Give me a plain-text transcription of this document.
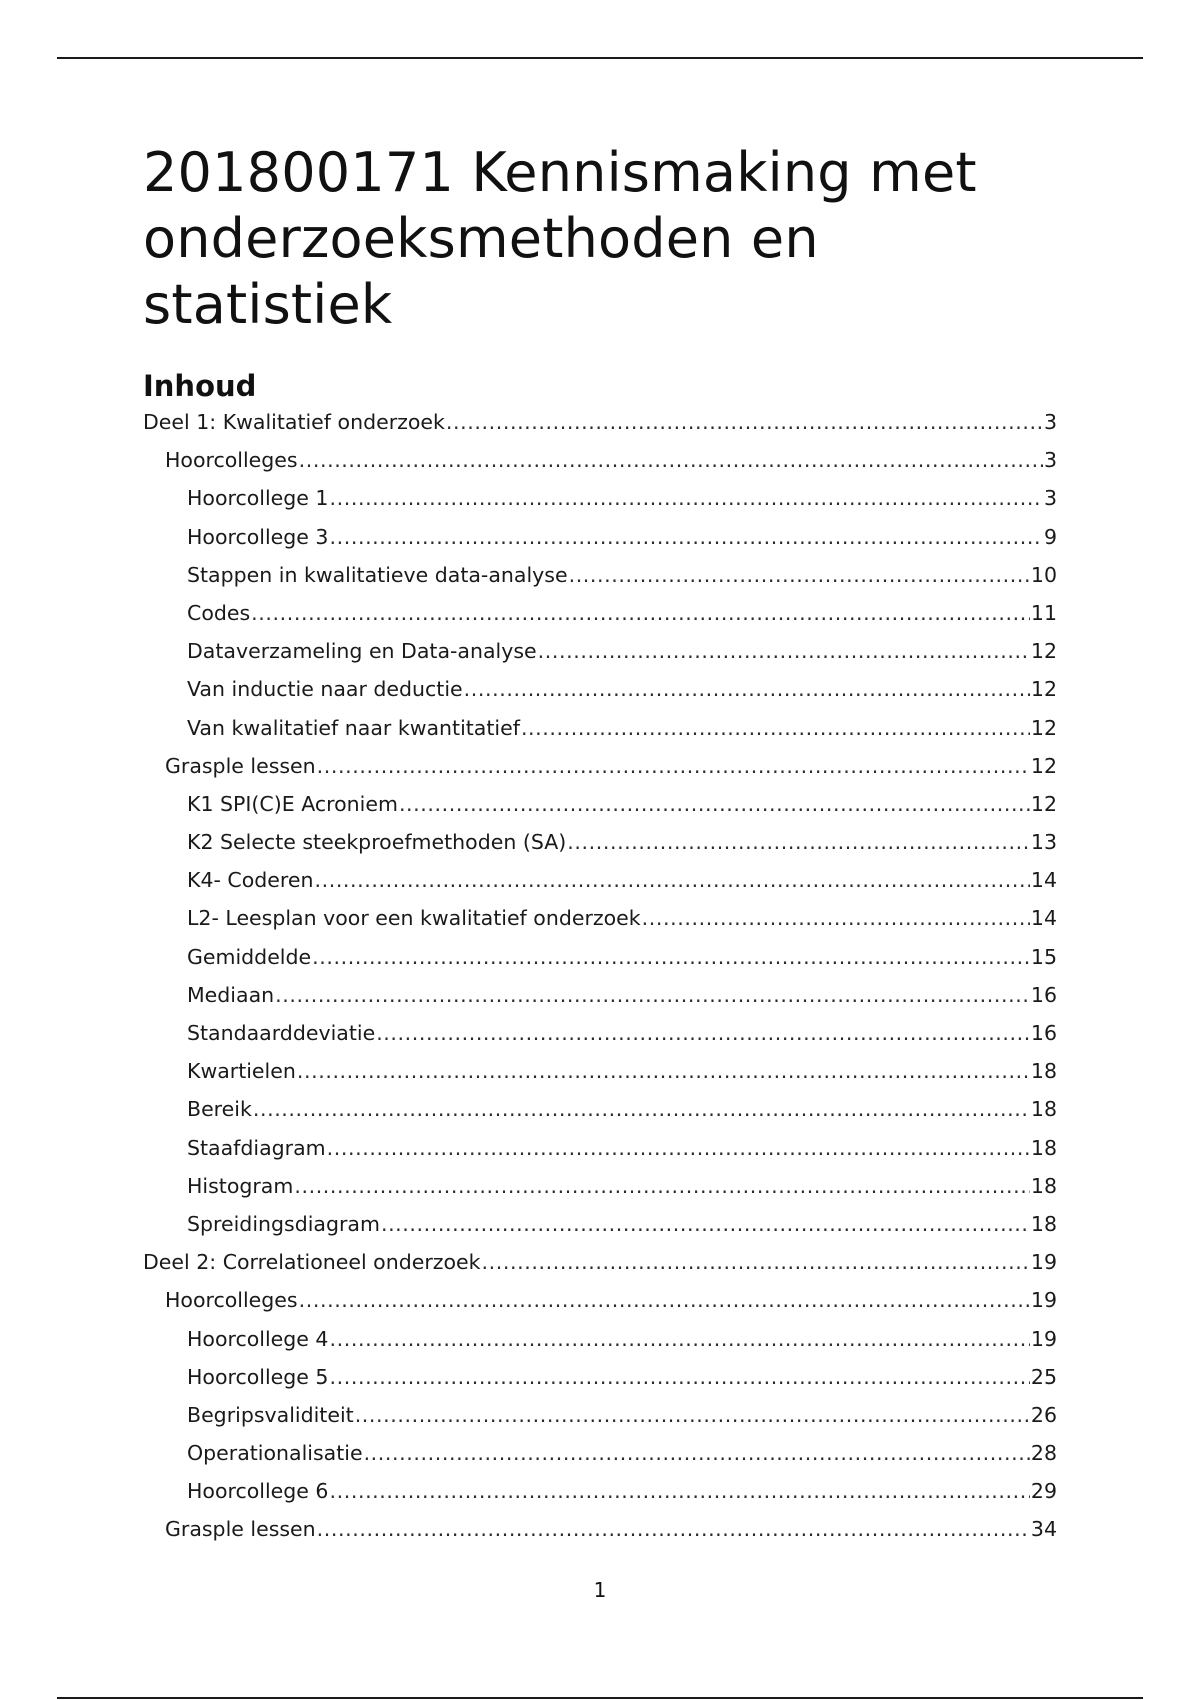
201800171 Kennismaking met onderzoeksmethoden en statistiek
Inhoud
Deel 1: Kwalitatief onderzoek .....	3
Hoorcolleges .....	3
Hoorcollege 1 .....	3
Hoorcollege 3 .....	9
Stappen in kwalitatieve data-analyse .....	10
Codes .....	11
Dataverzameling en Data-analyse .....	12
Van inductie naar deductie .....	12
Van kwalitatief naar kwantitatief .....	12
Grasple lessen .....	12
K1 SPI(C)E Acroniem .....	12
K2 Selecte steekproefmethoden (SA) .....	13
K4- Coderen .....	14
L2- Leesplan voor een kwalitatief onderzoek .....	14
Gemiddelde .....	15
Mediaan .....	16
Standaarddeviatie .....	16
Kwartielen .....	18
Bereik .....	18
Staafdiagram .....	18
Histogram .....	18
Spreidingsdiagram .....	18
Deel 2: Correlationeel onderzoek .....	19
Hoorcolleges .....	19
Hoorcollege 4 .....	19
Hoorcollege 5 .....	25
Begripsvaliditeit .....	26
Operationalisatie .....	28
Hoorcollege 6 .....	29
Grasple lessen .....	34
1
